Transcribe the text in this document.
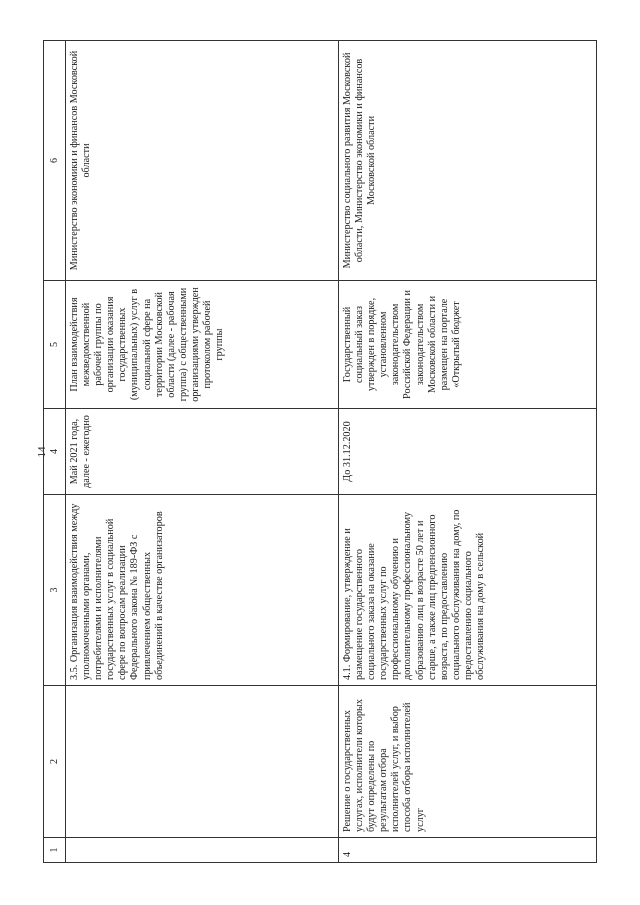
14
1
2
3
4
5
6
3.5. Организация взаимодействия между уполномоченными органами, потребителями и исполнителями государственных услуг в социальной сфере по вопросам реализации Федерального закона № 189-ФЗ с привлечением общественных объединений в качестве организаторов
Май 2021 года, далее - ежегодно
План взаимодействия межведомственной рабочей группы по организации оказания государственных (муниципальных) услуг в социальной сфере на территории Московской области (далее - рабочая группа) с общественными организациями утвержден протоколом рабочей группы
Министерство экономики и финансов Московской области
4
Решение о государственных услугах, исполнители которых будут определены по результатам отбора исполнителей услуг, и выбор способа отбора исполнителей услуг
4.1. Формирование, утверждение и размещение государственного социального заказа на оказание государственных услуг по профессиональному обучению и дополнительному профессиональному образованию лиц в возрасте 50 лет и старше, а также лиц предпенсионного возраста, по предоставлению социального обслуживания на дому, по предоставлению социального обслуживания на дому в сельской
До 31.12.2020
Государственный социальный заказ утвержден в порядке, установленном законодательством Российской Федерации и законодательством Московской области и размещен на портале «Открытый бюджет
Министерство социального развития Московской области, Министерство экономики и финансов Московской области
